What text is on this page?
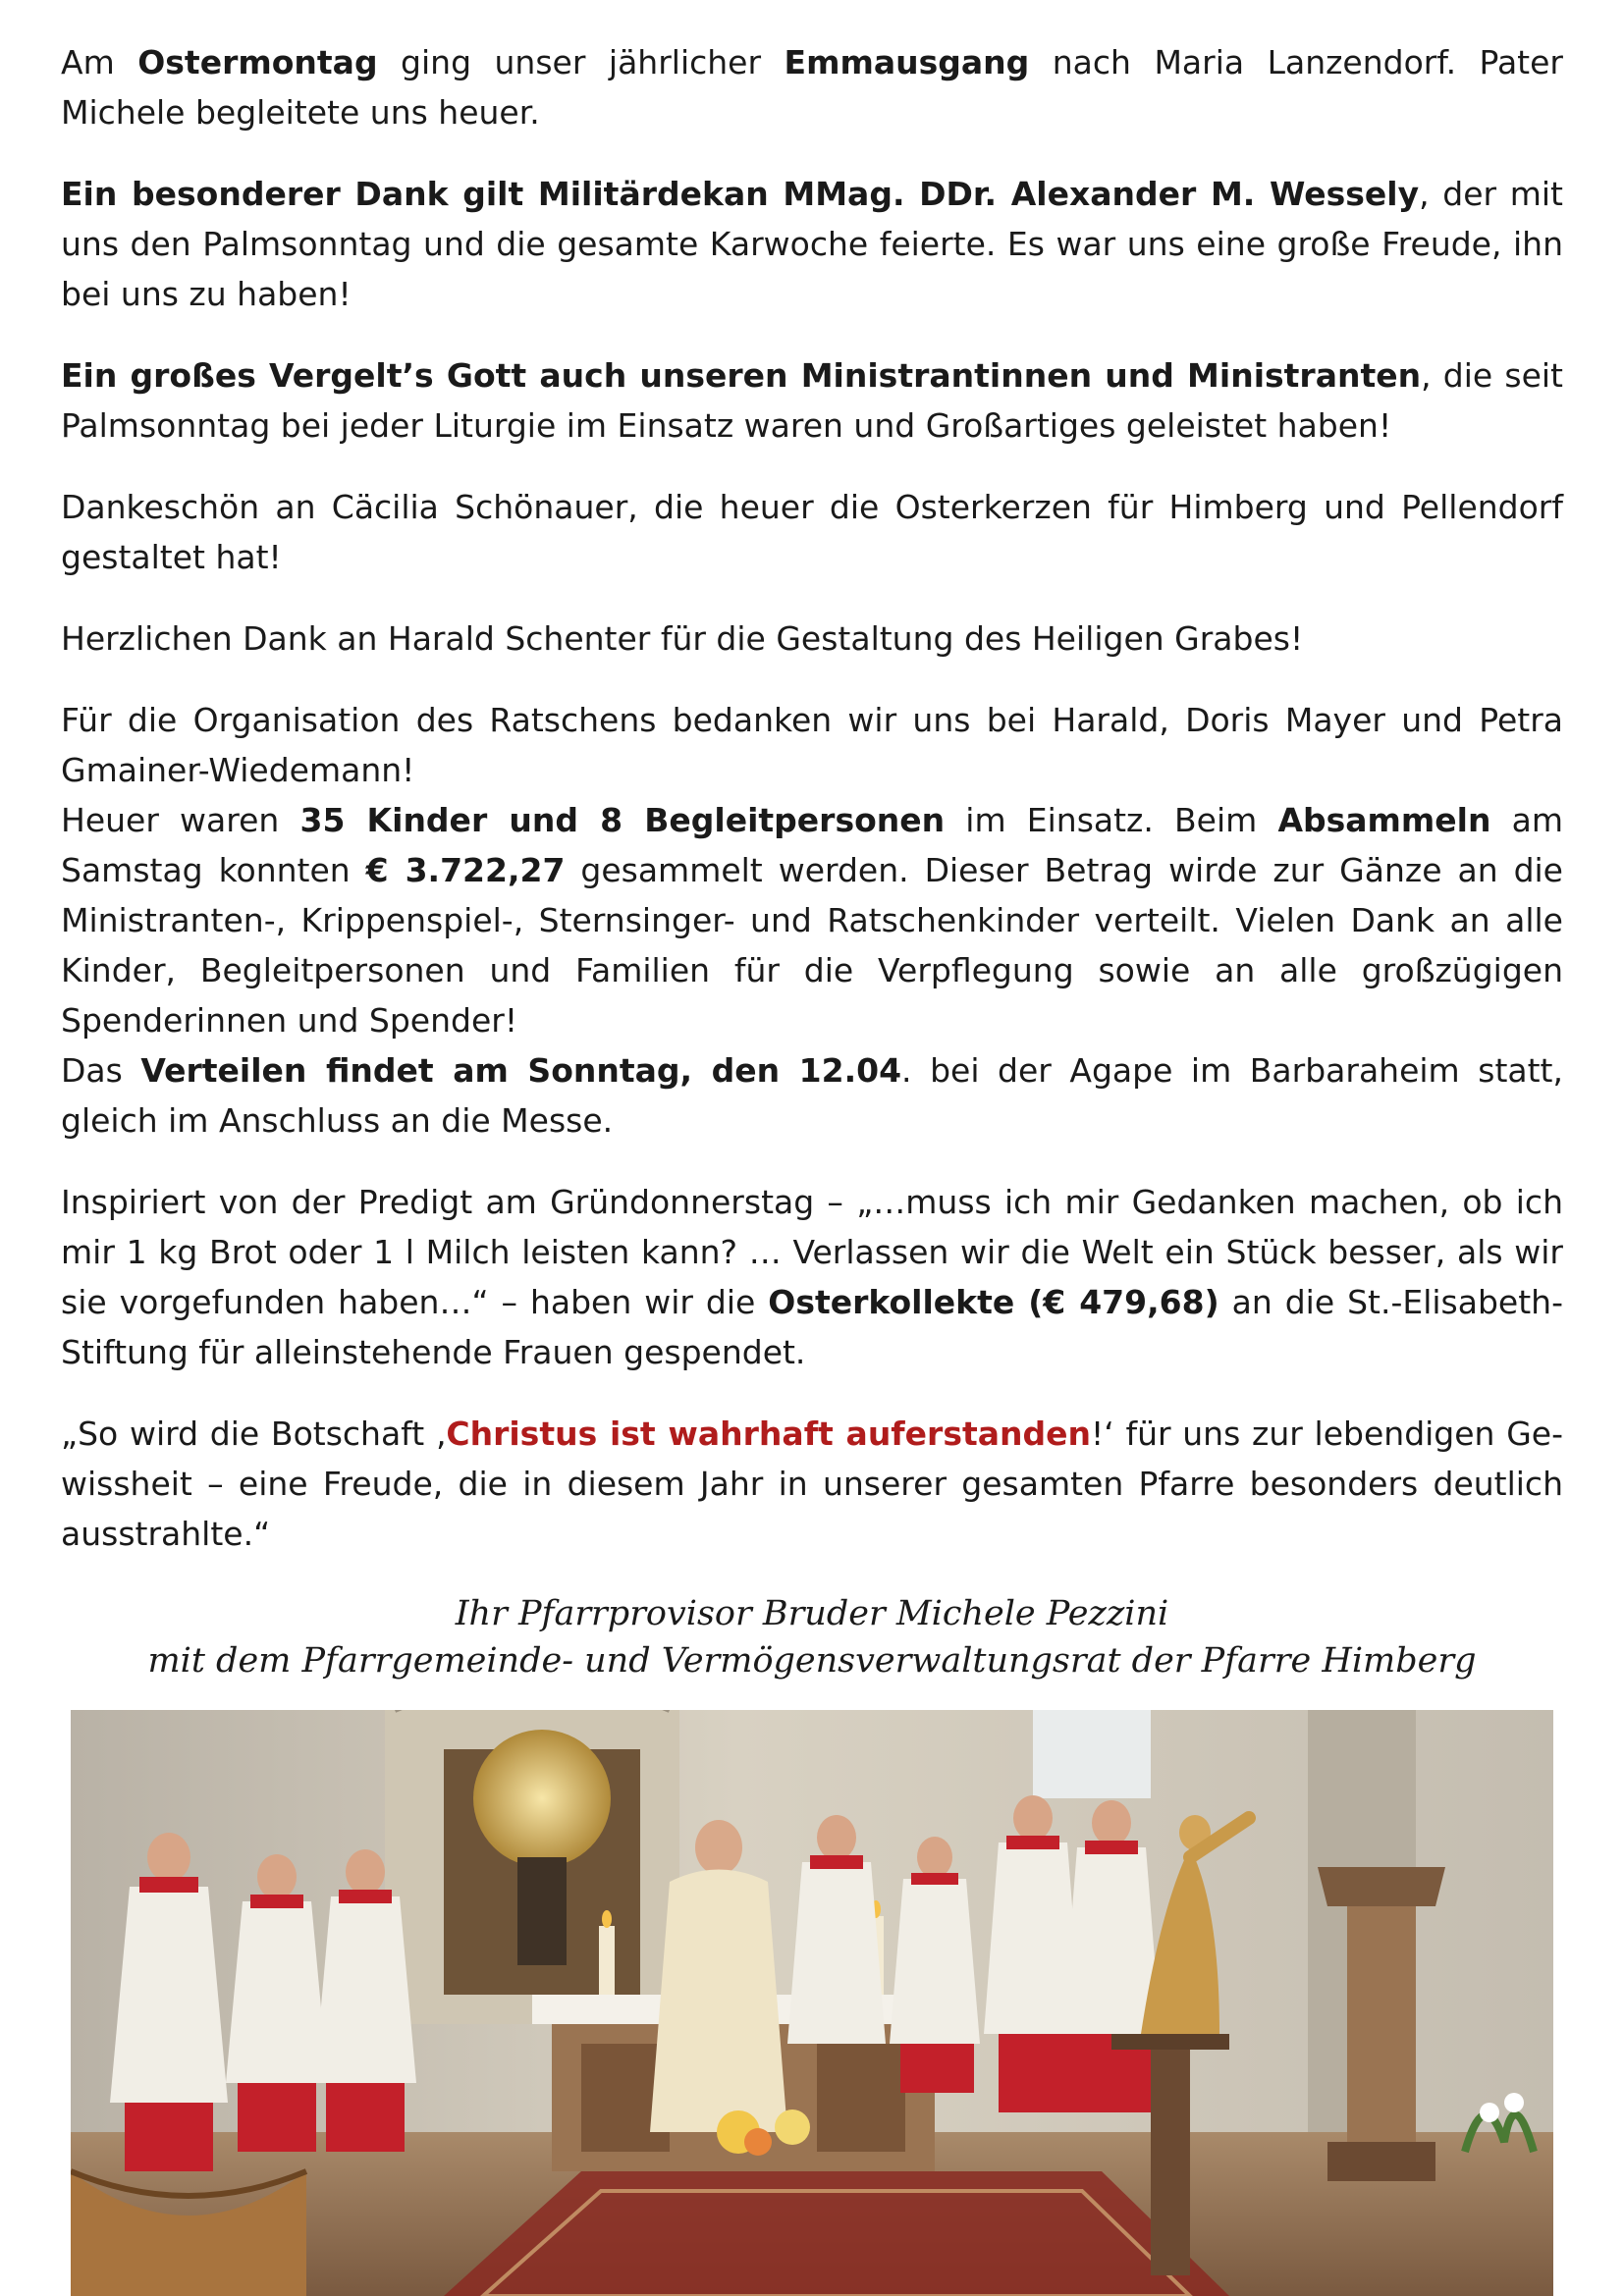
Am Ostermontag ging unser jährlicher Emmausgang nach Maria Lanzendorf. Pater Michele begleitete uns heuer.

Ein besonderer Dank gilt Militärdekan MMag. DDr. Alexander M. Wessely, der mit uns den Palmsonntag und die gesamte Karwoche feierte. Es war uns eine große Freude, ihn bei uns zu haben!

Ein großes Vergelt’s Gott auch unseren Ministrantinnen und Ministranten, die seit Palmsonntag bei jeder Liturgie im Einsatz waren und Großartiges geleistet haben!

Dankeschön an Cäcilia Schönauer, die heuer die Osterkerzen für Himberg und Pellendorf gestaltet hat!

Herzlichen Dank an Harald Schenter für die Gestaltung des Heiligen Grabes!

Für die Organisation des Ratschens bedanken wir uns bei Harald, Doris Mayer und Petra Gmainer-Wiedemann!

Heuer waren 35 Kinder und 8 Begleitpersonen im Einsatz. Beim Absammeln am Samstag konnten € 3.722,27 gesammelt werden. Dieser Betrag wirde zur Gänze an die Ministranten-, Krippenspiel-, Sternsinger- und Ratschenkinder verteilt. Vielen Dank an alle Kinder, Begleitpersonen und Familien für die Verpflegung sowie an alle großzügigen Spenderinnen und Spender!

Das Verteilen findet am Sonntag, den 12.04. bei der Agape im Barbaraheim statt, gleich im Anschluss an die Messe.

Inspiriert von der Predigt am Gründonnerstag – „…muss ich mir Gedanken machen, ob ich mir 1 kg Brot oder 1 l Milch leisten kann? … Verlassen wir die Welt ein Stück besser, als wir sie vorgefunden haben…“ – haben wir die Osterkollekte (€ 479,68) an die St.-Elisabeth-Stiftung für alleinstehende Frauen gespendet.

„So wird die Botschaft ‚Christus ist wahrhaft auferstanden!‘ für uns zur lebendigen Gewissheit – eine Freude, die in diesem Jahr in unserer gesamten Pfarre besonders deutlich ausstrahlte.“

Ihr Pfarrprovisor Bruder Michele Pezzini
mit dem Pfarrgemeinde- und Vermögensverwaltungsrat der Pfarre Himberg
